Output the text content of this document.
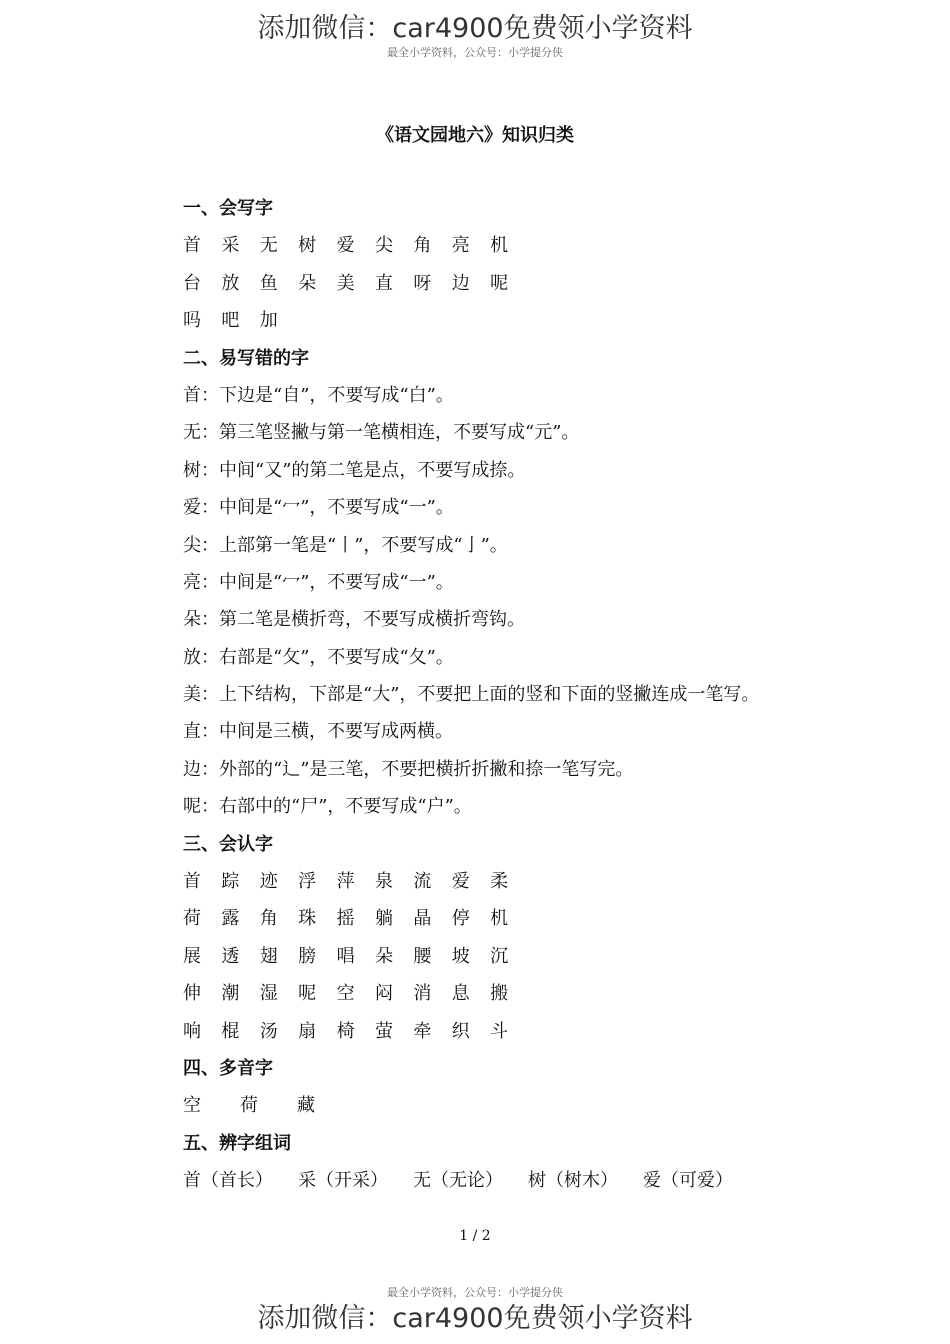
添加微信：car4900免费领小学资料
最全小学资料，公众号：小学提分侠
《语文园地六》知识归类
一、会写字
首 采 无 树 爱 尖 角 亮 机
台 放 鱼 朵 美 直 呀 边 呢
吗 吧 加
二、易写错的字
首：下边是“自”，不要写成“白”。
无：第三笔竖撇与第一笔横相连，不要写成“元”。
树：中间“又”的第二笔是点，不要写成捺。
爱：中间是“冖”，不要写成“一”。
尖：上部第一笔是“丨”，不要写成“亅”。
亮：中间是“冖”，不要写成“一”。
朵：第二笔是横折弯，不要写成横折弯钩。
放：右部是“攵”，不要写成“夂”。
美：上下结构，下部是“大”，不要把上面的竖和下面的竖撇连成一笔写。
直：中间是三横，不要写成两横。
边：外部的“辶”是三笔，不要把横折折撇和捺一笔写完。
呢：右部中的“尸”，不要写成“户”。
三、会认字
首 踪 迹 浮 萍 泉 流 爱 柔
荷 露 角 珠 摇 躺 晶 停 机
展 透 翅 膀 唱 朵 腰 坡 沉
伸 潮 湿 呢 空 闷 消 息 搬
响 棍 汤 扇 椅 萤 牵 织 斗
四、多音字
空 荷 藏
五、辨字组词
首（首长） 采（开采） 无（无论） 树（树木） 爱（可爱）
1 / 2
最全小学资料，公众号：小学提分侠
添加微信：car4900免费领小学资料
